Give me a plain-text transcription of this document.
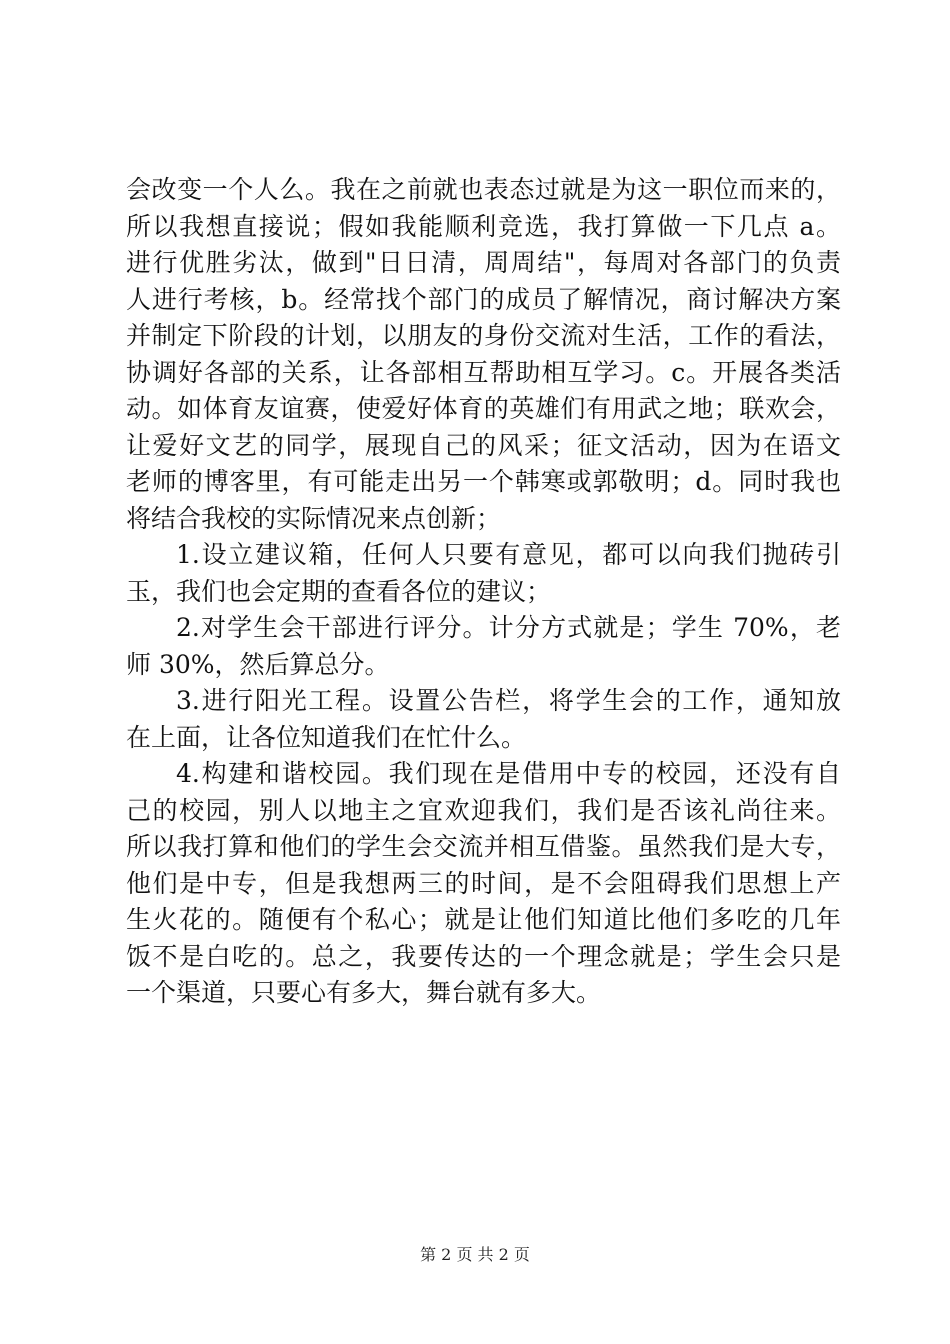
会改变一个人么。我在之前就也表态过就是为这一职位而来的，
所以我想直接说；假如我能顺利竞选，我打算做一下几点 a。
进行优胜劣汰，做到"日日清，周周结"，每周对各部门的负责
人进行考核，b。经常找个部门的成员了解情况，商讨解决方案
并制定下阶段的计划，以朋友的身份交流对生活，工作的看法，
协调好各部的关系，让各部相互帮助相互学习。c。开展各类活
动。如体育友谊赛，使爱好体育的英雄们有用武之地；联欢会，
让爱好文艺的同学，展现自己的风采；征文活动，因为在语文
老师的博客里，有可能走出另一个韩寒或郭敬明；d。同时我也
将结合我校的实际情况来点创新；
1.设立建议箱，任何人只要有意见，都可以向我们抛砖引
玉，我们也会定期的查看各位的建议；
2.对学生会干部进行评分。计分方式就是；学生 70%，老
师 30%，然后算总分。
3.进行阳光工程。设置公告栏，将学生会的工作，通知放
在上面，让各位知道我们在忙什么。
4.构建和谐校园。我们现在是借用中专的校园，还没有自
己的校园，别人以地主之宜欢迎我们，我们是否该礼尚往来。
所以我打算和他们的学生会交流并相互借鉴。虽然我们是大专，
他们是中专，但是我想两三的时间，是不会阻碍我们思想上产
生火花的。随便有个私心；就是让他们知道比他们多吃的几年
饭不是白吃的。总之，我要传达的一个理念就是；学生会只是
一个渠道，只要心有多大，舞台就有多大。
第 2 页 共 2 页
